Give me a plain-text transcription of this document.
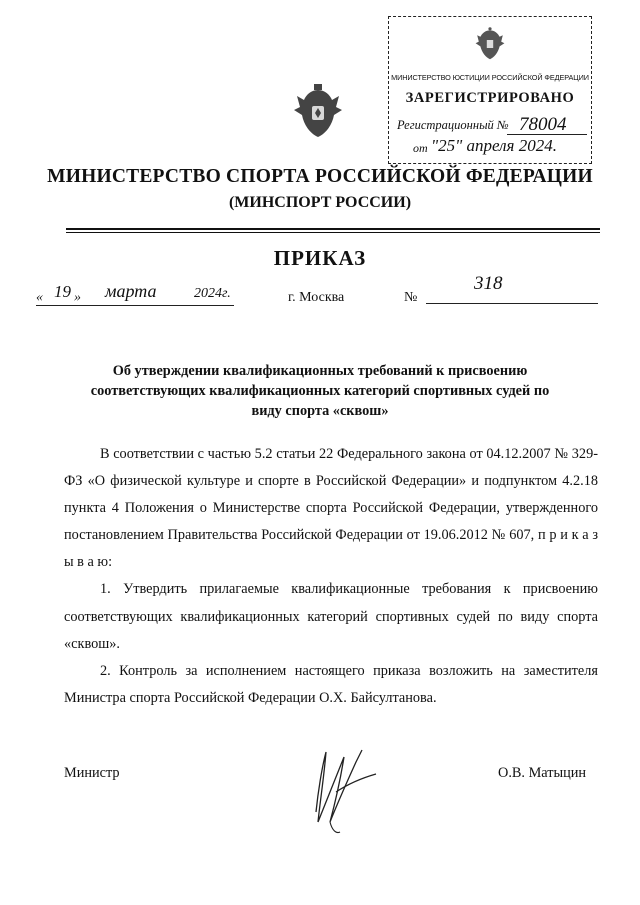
МИНИСТЕРСТВО ЮСТИЦИИ РОССИЙСКОЙ ФЕДЕРАЦИИ
ЗАРЕГИСТРИРОВАНО
Регистрационный № 78004
от "25" апреля 2024.
МИНИСТЕРСТВО СПОРТА РОССИЙСКОЙ ФЕДЕРАЦИИ
(МИНСПОРТ РОССИИ)
ПРИКАЗ
« 19 » марта	2024г.	г. Москва	№
318
Об утверждении квалификационных требований к присвоению соответствующих квалификационных категорий спортивных судей по виду спорта «сквош»

В соответствии с частью 5.2 статьи 22 Федерального закона от 04.12.2007 № 329-ФЗ «О физической культуре и спорте в Российской Федерации» и подпунктом 4.2.18 пункта 4 Положения о Министерстве спорта Российской Федерации, утвержденного постановлением Правительства Российской Федерации от 19.06.2012 № 607, п р и к а з ы в а ю:

1. Утвердить прилагаемые квалификационные требования к присвоению соответствующих квалификационных категорий спортивных судей по виду спорта «сквош».

2. Контроль за исполнением настоящего приказа возложить на заместителя Министра спорта Российской Федерации О.Х. Байсултанова.

Министр	О.В. Матыцин
